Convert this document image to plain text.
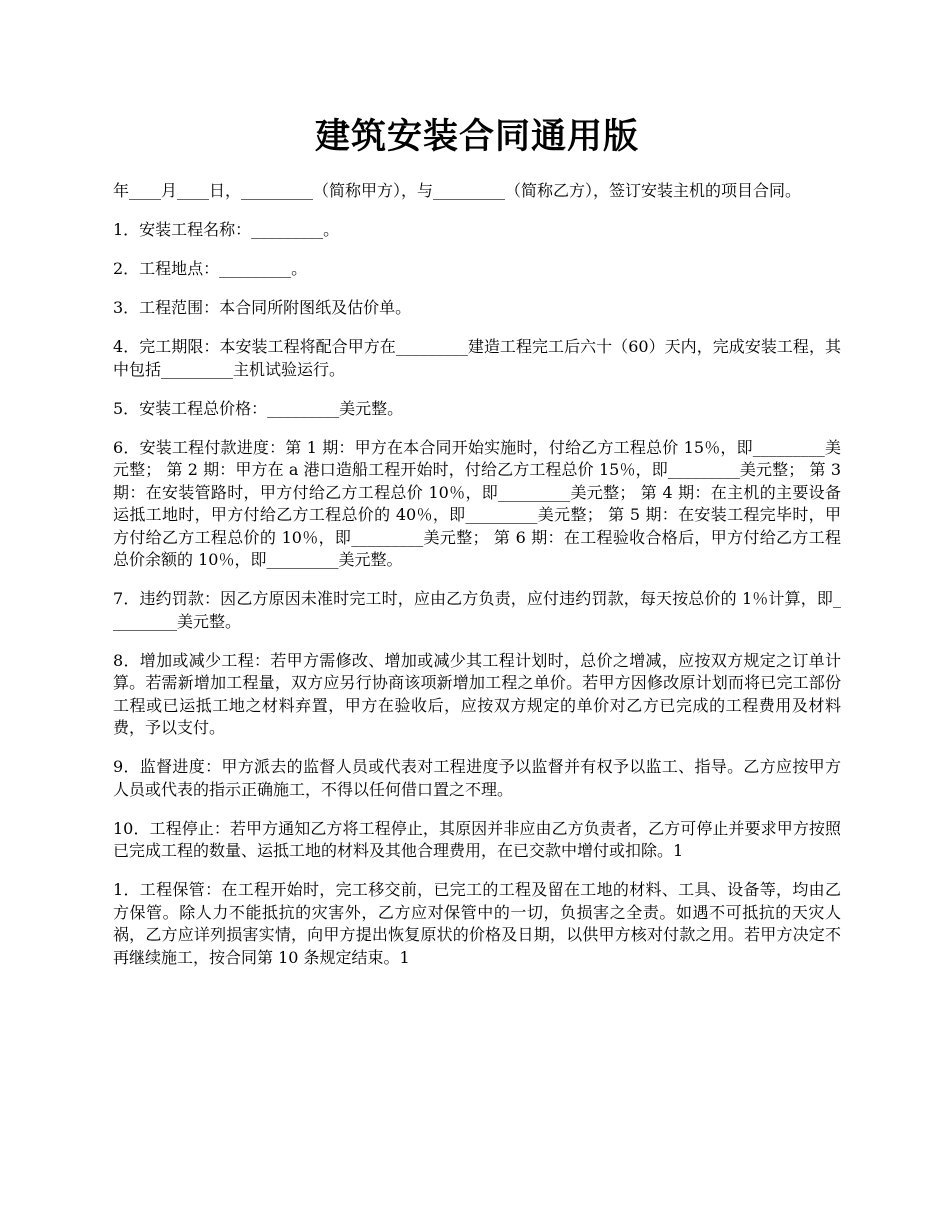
建筑安装合同通用版

年____月____日，_________（简称甲方），与_________（简称乙方），签订安装主机的项目合同。

1．安装工程名称：_________。

2．工程地点：_________。

3．工程范围：本合同所附图纸及估价单。

4．完工期限：本安装工程将配合甲方在_________建造工程完工后六十（60）天内，完成安装工程，其中包括_________主机试验运行。

5．安装工程总价格：_________美元整。

6．安装工程付款进度：第 1 期：甲方在本合同开始实施时，付给乙方工程总价 15％，即_________美元整； 第 2 期：甲方在 a 港口造船工程开始时，付给乙方工程总价 15％，即_________美元整； 第 3 期：在安装管路时，甲方付给乙方工程总价 10％，即_________美元整； 第 4 期：在主机的主要设备运抵工地时，甲方付给乙方工程总价的 40％，即_________美元整； 第 5 期：在安装工程完毕时，甲方付给乙方工程总价的 10％，即_________美元整； 第 6 期：在工程验收合格后，甲方付给乙方工程总价余额的 10％，即_________美元整。

7．违约罚款：因乙方原因未准时完工时，应由乙方负责，应付违约罚款，每天按总价的 1％计算，即_________美元整。

8．增加或减少工程：若甲方需修改、增加或减少其工程计划时，总价之增减，应按双方规定之订单计算。若需新增加工程量，双方应另行协商该项新增加工程之单价。若甲方因修改原计划而将已完工部份工程或已运抵工地之材料弃置，甲方在验收后，应按双方规定的单价对乙方已完成的工程费用及材料费，予以支付。

9．监督进度：甲方派去的监督人员或代表对工程进度予以监督并有权予以监工、指导。乙方应按甲方人员或代表的指示正确施工，不得以任何借口置之不理。

10．工程停止：若甲方通知乙方将工程停止，其原因并非应由乙方负责者，乙方可停止并要求甲方按照已完成工程的数量、运抵工地的材料及其他合理费用，在已交款中增付或扣除。1

1．工程保管：在工程开始时，完工移交前，已完工的工程及留在工地的材料、工具、设备等，均由乙方保管。除人力不能抵抗的灾害外，乙方应对保管中的一切，负损害之全责。如遇不可抵抗的天灾人祸，乙方应详列损害实情，向甲方提出恢复原状的价格及日期，以供甲方核对付款之用。若甲方决定不再继续施工，按合同第 10 条规定结束。1
